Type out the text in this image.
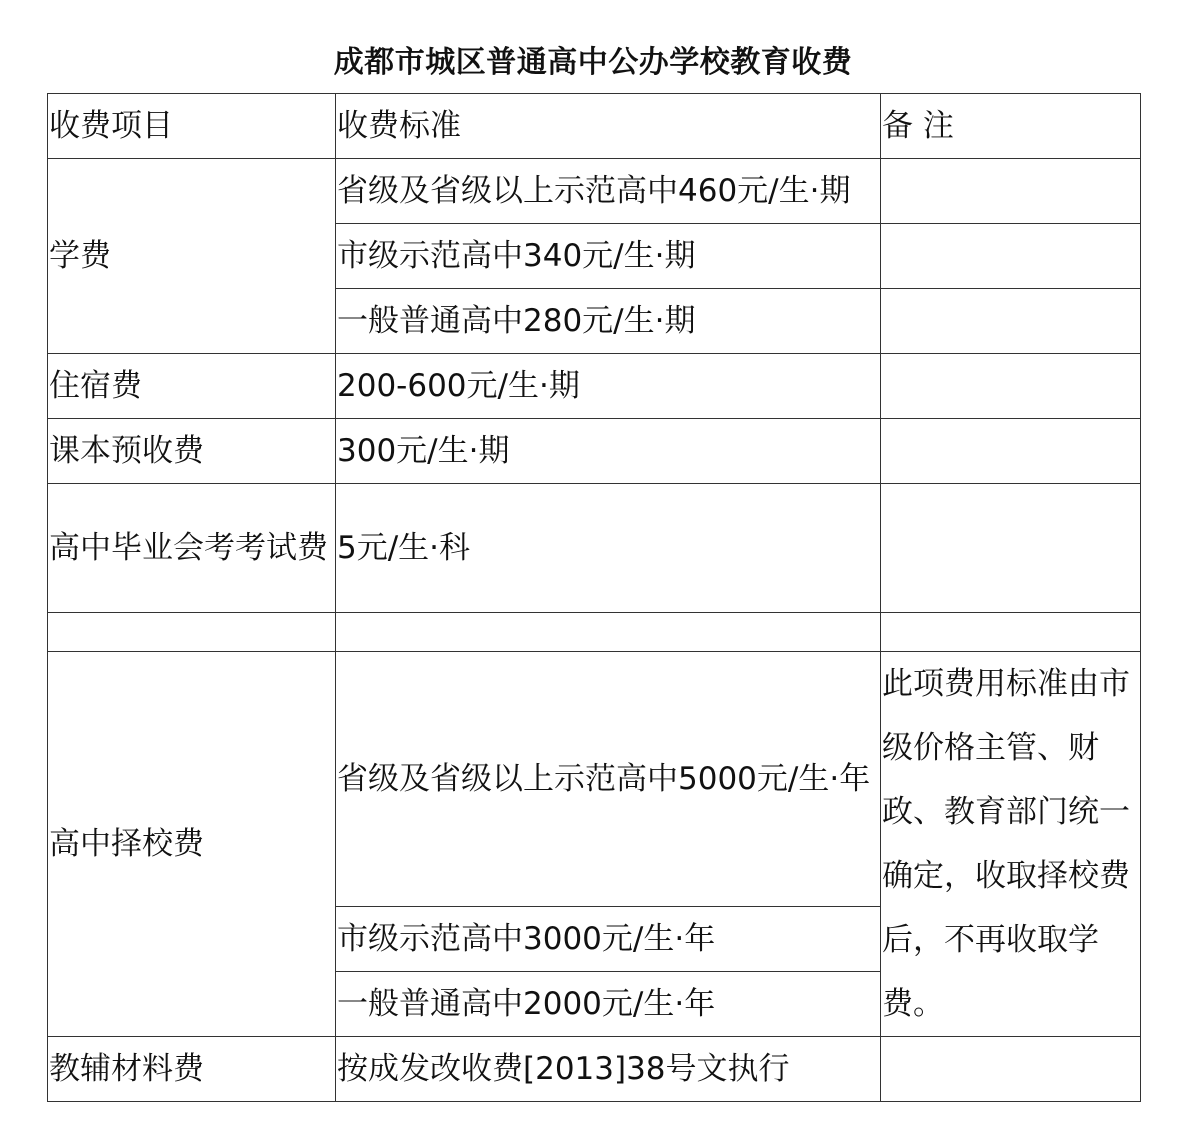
成都市城区普通高中公办学校教育收费
收费项目	收费标准	备 注
学费	省级及省级以上示范高中460元/生·期	
	市级示范高中340元/生·期	
	一般普通高中280元/生·期	
住宿费	200-600元/生·期	
课本预收费	300元/生·期	
高中毕业会考考试费	5元/生·科	

高中择校费	省级及省级以上示范高中5000元/生·年	此项费用标准由市级价格主管、财政、教育部门统一确定，收取择校费后，不再收取学费。
	市级示范高中3000元/生·年	
	一般普通高中2000元/生·年	
教辅材料费	按成发改收费[2013]38号文执行	
